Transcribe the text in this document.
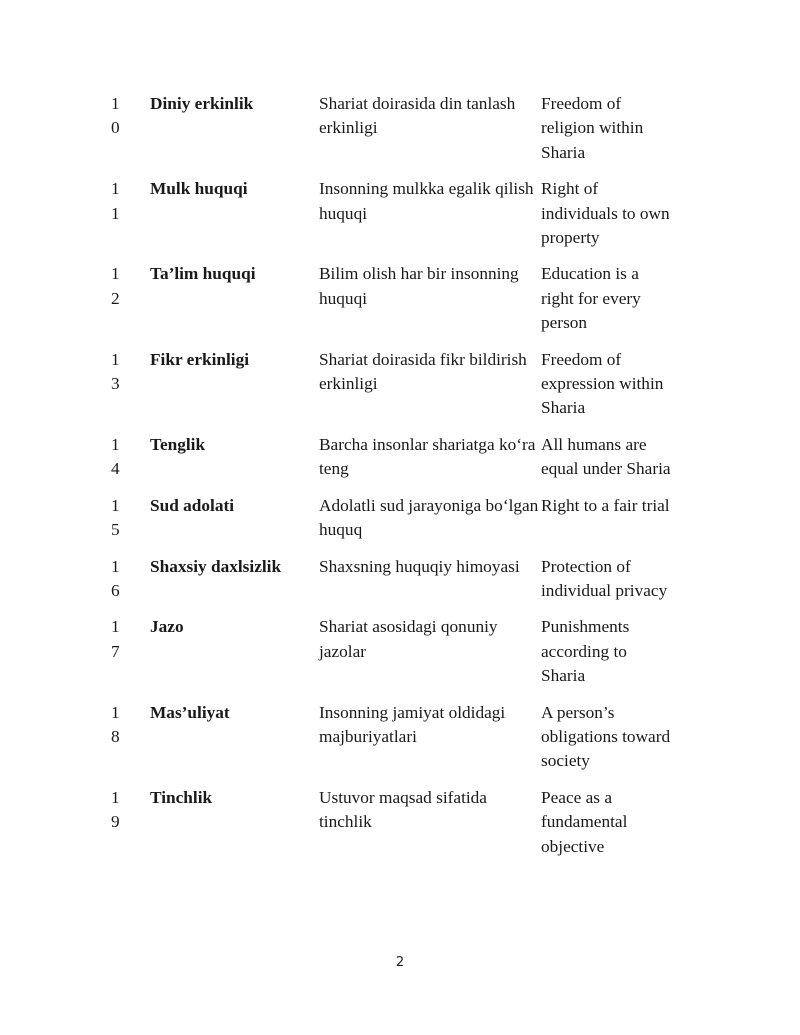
10	Diniy erkinlik	Shariat doirasida din tanlash erkinligi	Freedom of religion within Sharia

11	Mulk huquqi	Insonning mulkka egalik qilish huquqi	Right of individuals to own property

12	Ta’lim huquqi	Bilim olish har bir insonning huquqi	Education is a right for every person

13	Fikr erkinligi	Shariat doirasida fikr bildirish erkinligi	Freedom of expression within Sharia

14	Tenglik	Barcha insonlar shariatga ko‘ra teng	All humans are equal under Sharia

15	Sud adolati	Adolatli sud jarayoniga bo‘lgan huquq	Right to a fair trial

16	Shaxsiy daxlsizlik	Shaxsning huquqiy himoyasi	Protection of individual privacy

17	Jazo	Shariat asosidagi qonuniy jazolar	Punishments according to Sharia

18	Mas’uliyat	Insonning jamiyat oldidagi majburiyatlari	A person’s obligations toward society

19	Tinchlik	Ustuvor maqsad sifatida tinchlik	Peace as a fundamental objective
2
